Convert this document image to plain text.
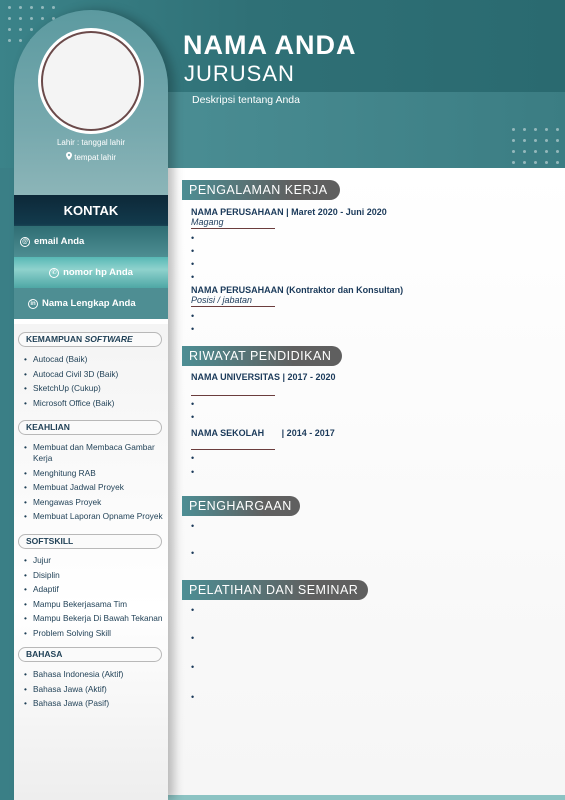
NAMA ANDA
JURUSAN
Deskripsi tentang Anda
Lahir : tanggal lahir
tempat lahir
KONTAK
@ email Anda
✆ nomor hp Anda
in Nama Lengkap Anda
KEMAMPUAN SOFTWARE
• Autocad (Baik)
• Autocad Civil 3D (Baik)
• SketchUp (Cukup)
• Microsoft Office (Baik)
KEAHLIAN
• Membuat dan Membaca Gambar Kerja
• Menghitung RAB
• Membuat Jadwal Proyek
• Mengawas Proyek
• Membuat Laporan Opname Proyek
SOFTSKILL
• Jujur
• Disiplin
• Adaptif
• Mampu Bekerjasama Tim
• Mampu Bekerja Di Bawah Tekanan
• Problem Solving Skill
BAHASA
• Bahasa Indonesia (Aktif)
• Bahasa Jawa (Aktif)
• Bahasa Jawa (Pasif)
PENGALAMAN KERJA
NAMA PERUSAHAAN | Maret 2020 - Juni 2020
Magang
•
•
•
•
NAMA PERUSAHAAN (Kontraktor dan Konsultan)
Posisi / jabatan
•
•
RIWAYAT PENDIDIKAN
NAMA UNIVERSITAS | 2017 - 2020
•
•
NAMA SEKOLAH       | 2014 - 2017
•
•
PENGHARGAAN
•
•
PELATIHAN DAN SEMINAR
•
•
•
•
